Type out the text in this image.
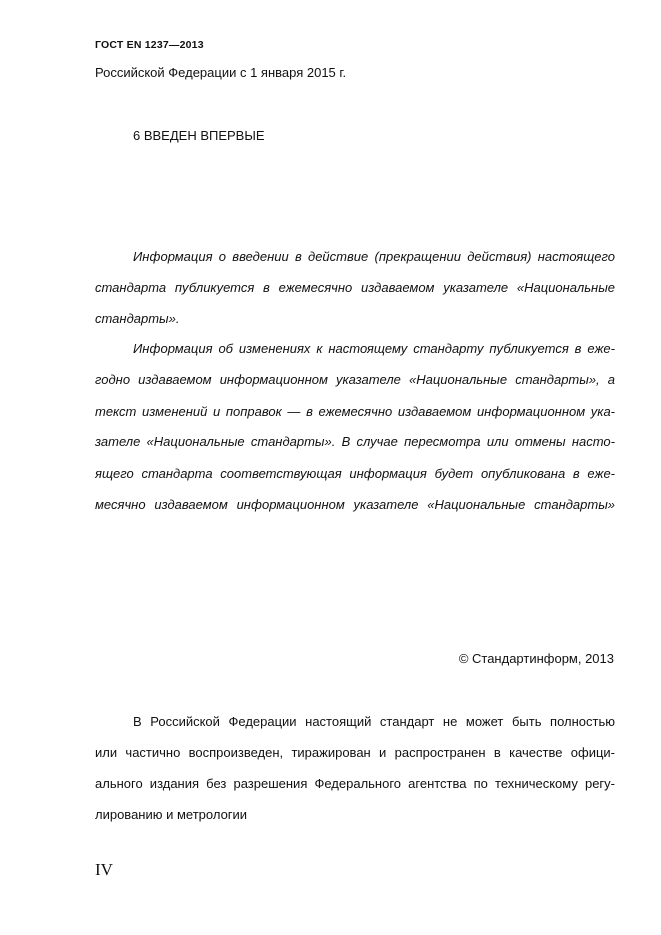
ГОСТ EN 1237—2013
Российской Федерации с 1 января 2015 г.
6 ВВЕДЕН ВПЕРВЫЕ
Информация о введении в действие (прекращении действия) настоящего
стандарта публикуется в ежемесячно издаваемом указателе «Национальные
стандарты».
Информация об изменениях к настоящему стандарту публикуется в еже-
годно издаваемом информационном указателе «Национальные стандарты», а
текст изменений и поправок — в ежемесячно издаваемом информационном ука-
зателе «Национальные стандарты». В случае пересмотра или отмены насто-
ящего стандарта соответствующая информация будет опубликована в еже-
месячно издаваемом информационном указателе «Национальные стандарты»
© Стандартинформ, 2013
В Российской Федерации настоящий стандарт не может быть полностью
или частично воспроизведен, тиражирован и распространен в качестве офици-
ального издания без разрешения Федерального агентства по техническому регу-
лированию и метрологии
IV
